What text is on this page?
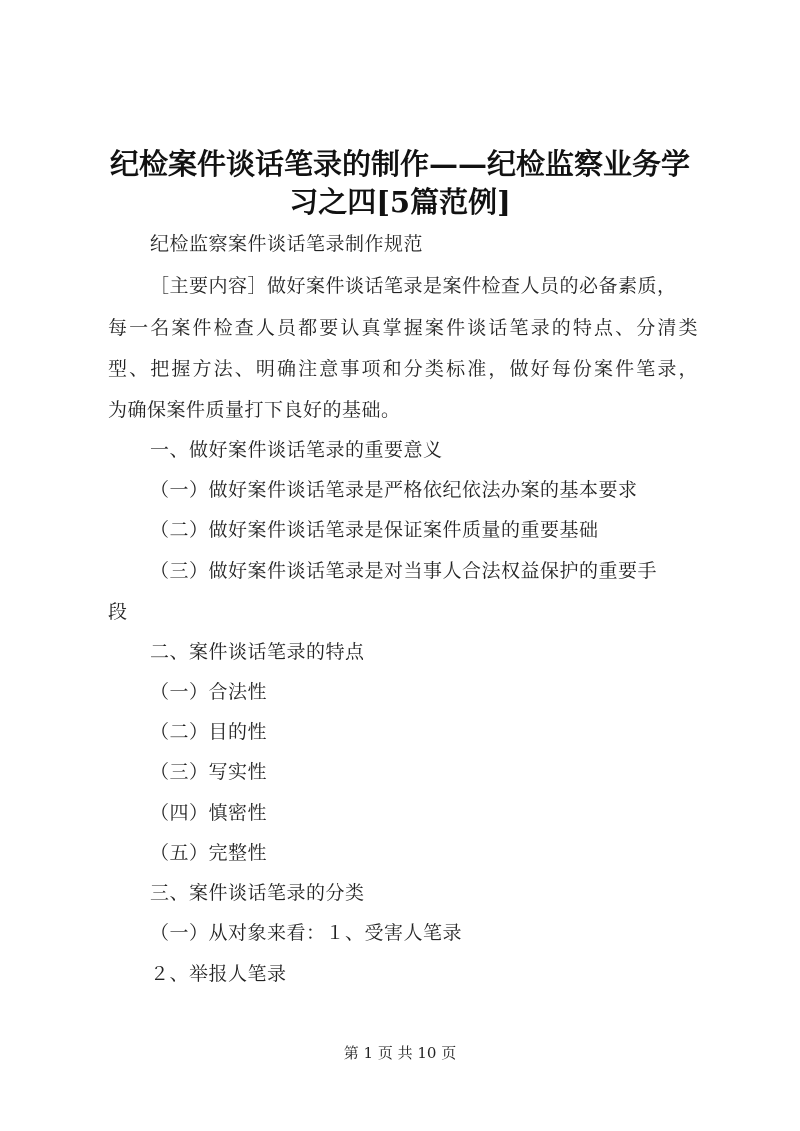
纪检案件谈话笔录的制作——纪检监察业务学
习之四[5篇范例]
纪检监察案件谈话笔录制作规范
［主要内容］做好案件谈话笔录是案件检查人员的必备素质，
每一名案件检查人员都要认真掌握案件谈话笔录的特点、分清类
型、把握方法、明确注意事项和分类标准，做好每份案件笔录，
为确保案件质量打下良好的基础。
一、做好案件谈话笔录的重要意义
（一）做好案件谈话笔录是严格依纪依法办案的基本要求
（二）做好案件谈话笔录是保证案件质量的重要基础
（三）做好案件谈话笔录是对当事人合法权益保护的重要手
段
二、案件谈话笔录的特点
（一）合法性
（二）目的性
（三）写实性
（四）慎密性
（五）完整性
三、案件谈话笔录的分类
（一）从对象来看：１、受害人笔录
２、举报人笔录
第 1 页 共 10 页
